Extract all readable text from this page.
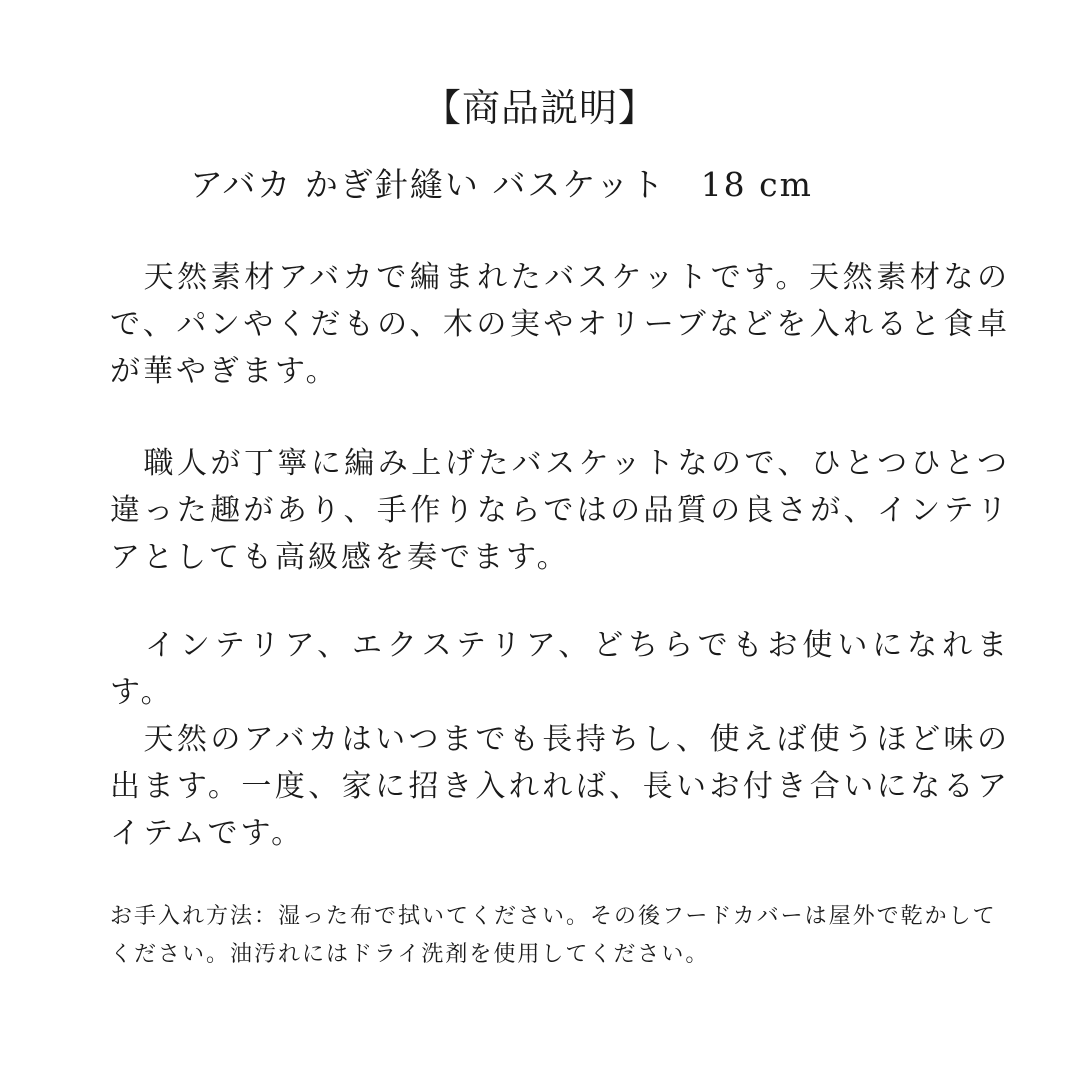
【商品説明】
アバカ かぎ針縫い バスケット　18 cm
　天然素材アバカで編まれたバスケットです。天然素材なので、パンやくだもの、木の実やオリーブなどを入れると食卓が華やぎます。
　職人が丁寧に編み上げたバスケットなので、ひとつひとつ違った趣があり、手作りならではの品質の良さが、インテリアとしても高級感を奏でます。
　インテリア、エクステリア、どちらでもお使いになれます。
　天然のアバカはいつまでも長持ちし、使えば使うほど味の出ます。一度、家に招き入れれば、長いお付き合いになるアイテムです。
お手入れ方法：湿った布で拭いてください。その後フードカバーは屋外で乾かしてください。油汚れにはドライ洗剤を使用してください。
